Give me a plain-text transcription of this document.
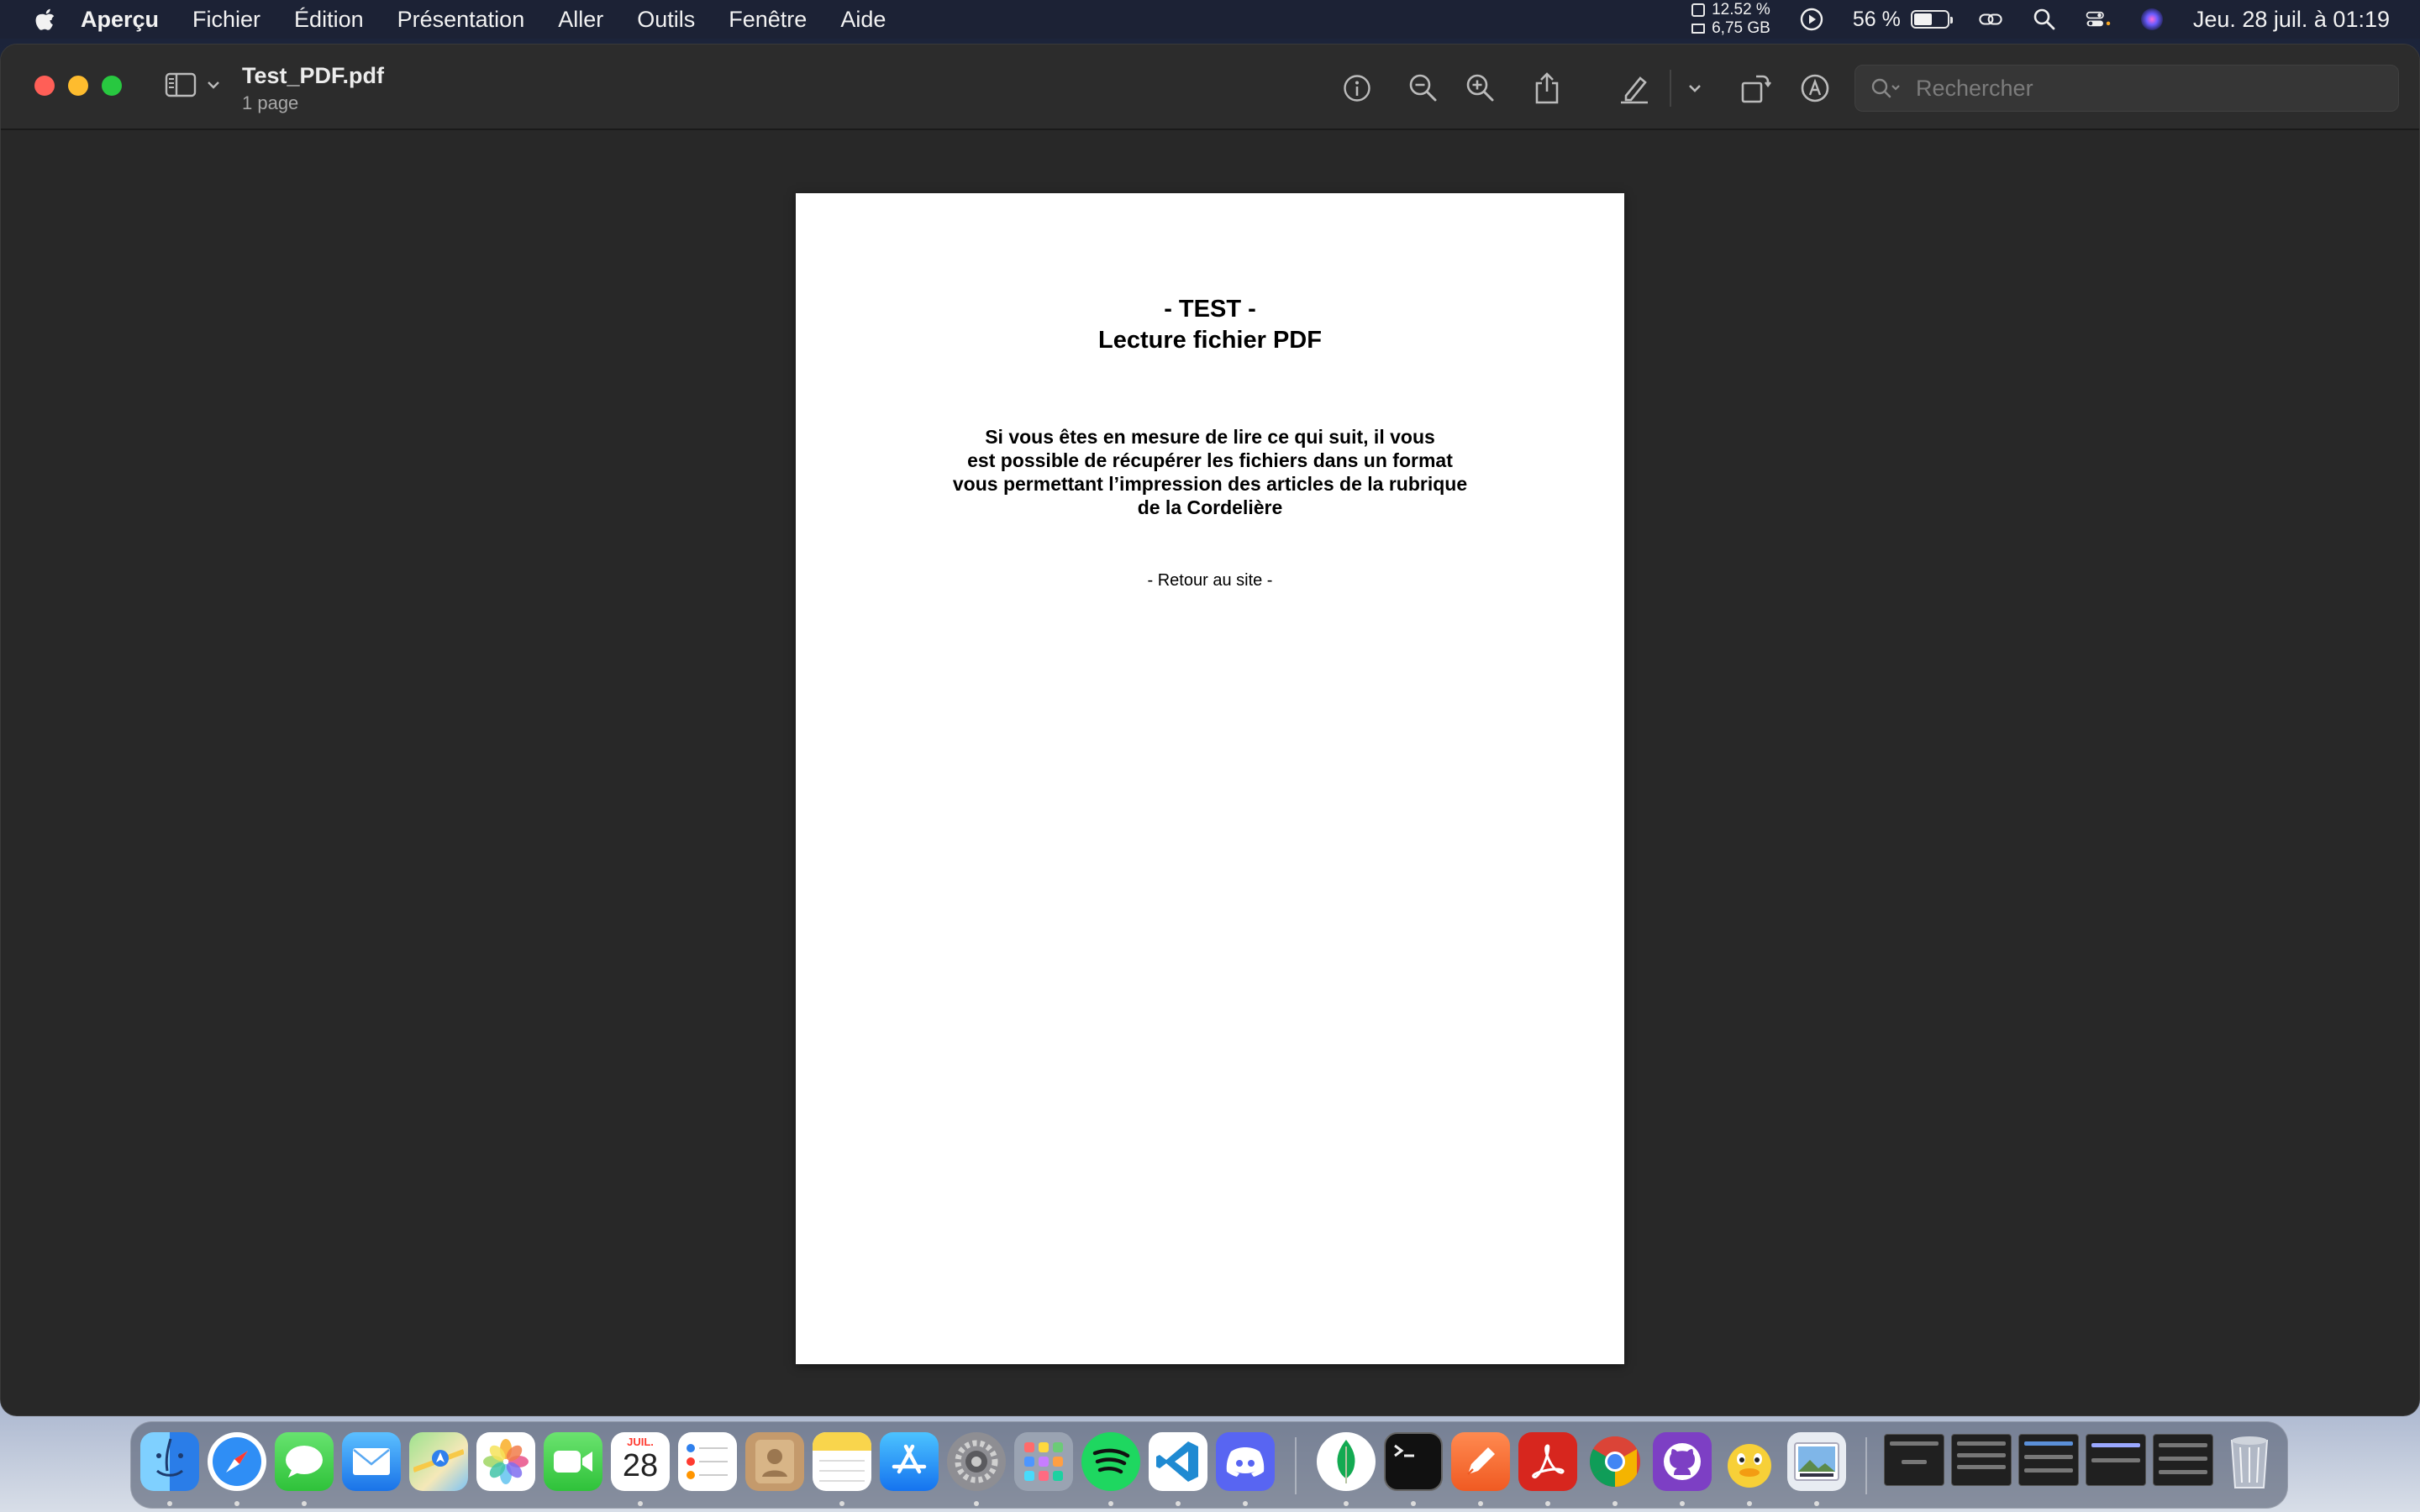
Aperçu Fichier Édition Présentation Aller Outils Fenêtre Aide	12.52 %
6,75 GB	56 %	Jeu. 28 juil. à 01:19
Test_PDF.pdf
1 page
Rechercher
- TEST -
Lecture fichier PDF
Si vous êtes en mesure de lire ce qui suit, il vous
est possible de récupérer les fichiers dans un format
vous permettant l’impression des articles de la rubrique
de la Cordelière
- Retour au site -
JUIL.
28
